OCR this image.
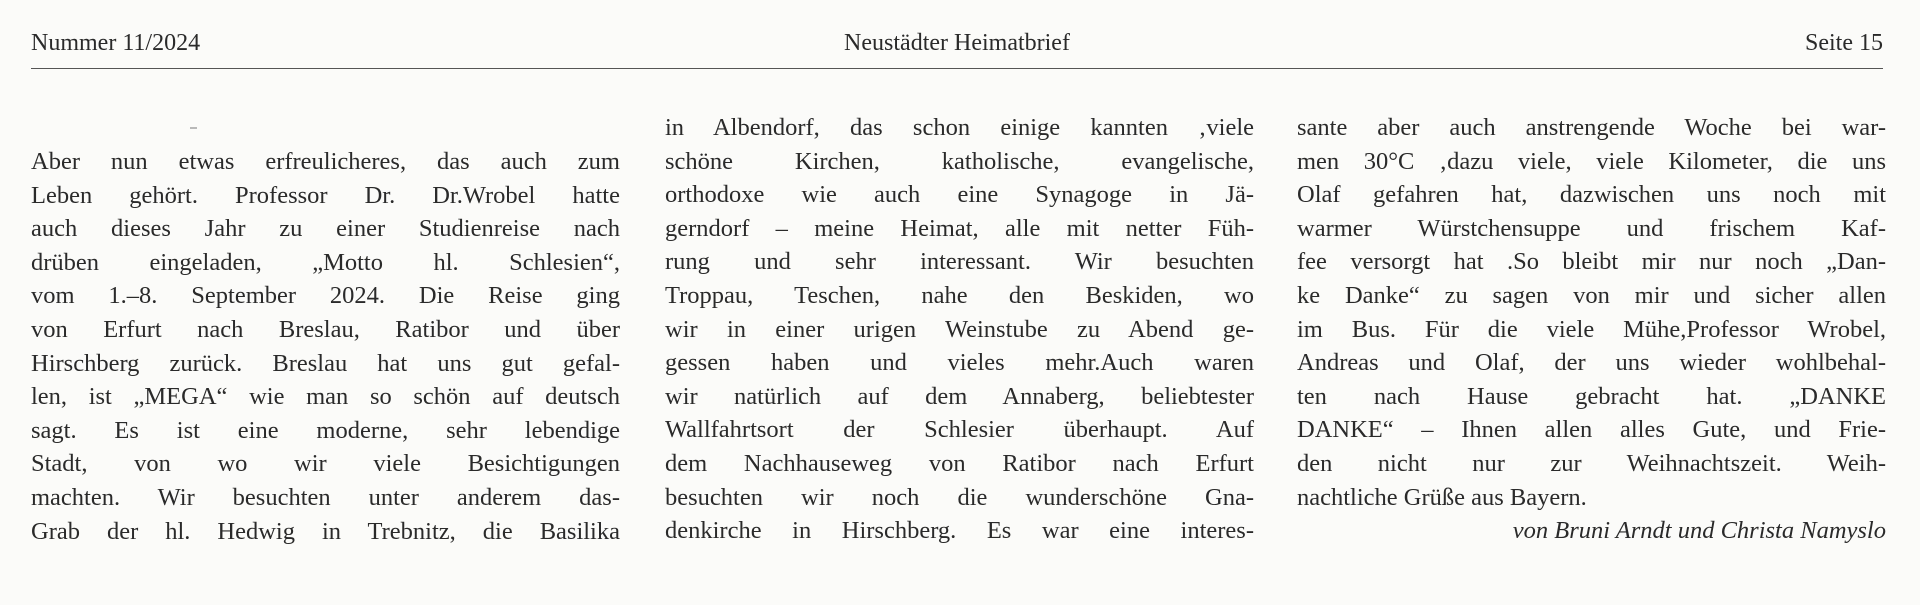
Nummer 11/2024	Neustädter Heimatbrief	Seite 15
Aber nun etwas erfreulicheres, das auch zum
Leben gehört. Professor Dr. Dr.Wrobel hatte
auch dieses Jahr zu einer Studienreise nach
drüben eingeladen, „Motto hl. Schlesien“,
vom 1.–8. September 2024. Die Reise ging
von Erfurt nach Breslau, Ratibor und über
Hirschberg zurück. Breslau hat uns gut gefal-
len, ist „MEGA“ wie man so schön auf deutsch
sagt. Es ist eine moderne, sehr lebendige
Stadt, von wo wir viele Besichtigungen
machten. Wir besuchten unter anderem das-
Grab der hl. Hedwig in Trebnitz, die Basilika
in Albendorf, das schon einige kannten ‚viele
schöne Kirchen, katholische, evangelische,
orthodoxe wie auch eine Synagoge in Jä-
gerndorf – meine Heimat, alle mit netter Füh-
rung und sehr interessant. Wir besuchten
Troppau, Teschen, nahe den Beskiden, wo
wir in einer urigen Weinstube zu Abend ge-
gessen haben und vieles mehr.Auch waren
wir natürlich auf dem Annaberg, beliebtester
Wallfahrtsort der Schlesier überhaupt. Auf
dem Nachhauseweg von Ratibor nach Erfurt
besuchten wir noch die wunderschöne Gna-
denkirche in Hirschberg. Es war eine interes-
sante aber auch anstrengende Woche bei war-
men 30°C ‚dazu viele, viele Kilometer, die uns
Olaf gefahren hat, dazwischen uns noch mit
warmer Würstchensuppe und frischem Kaf-
fee versorgt hat .So bleibt mir nur noch „Dan-
ke Danke“ zu sagen von mir und sicher allen
im Bus. Für die viele Mühe,Professor Wrobel,
Andreas und Olaf, der uns wieder wohlbehal-
ten nach Hause gebracht hat. „DANKE
DANKE“ – Ihnen allen alles Gute, und Frie-
den nicht nur zur Weihnachtszeit. Weih-
nachtliche Grüße aus Bayern.
von Bruni Arndt und Christa Namyslo
